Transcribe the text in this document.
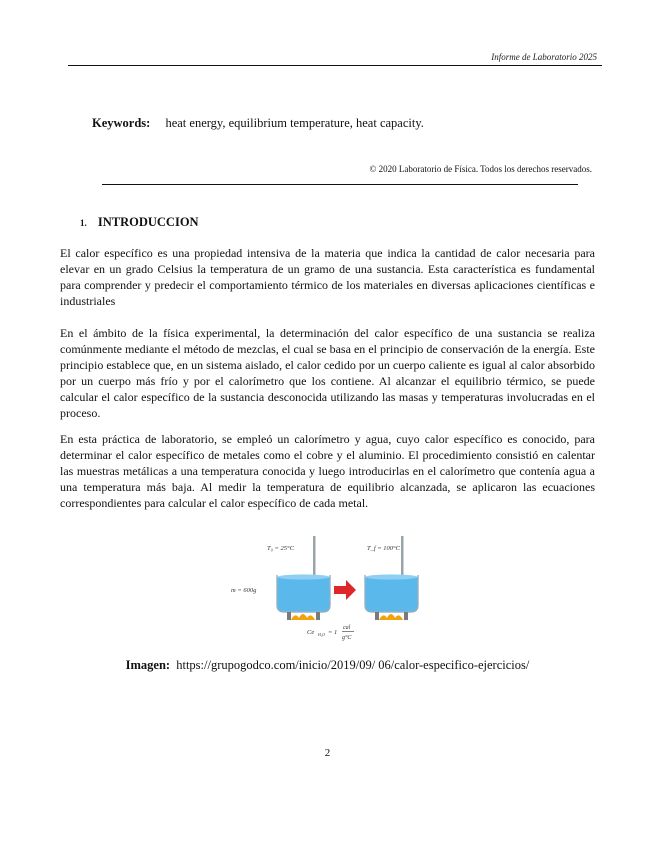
Informe de Laboratorio 2025
Keywords: heat energy, equilibrium temperature, heat capacity.
© 2020 Laboratorio de Física. Todos los derechos reservados.
1. INTRODUCCION

El calor específico es una propiedad intensiva de la materia que indica la cantidad de calor necesaria para elevar en un grado Celsius la temperatura de un gramo de una sustancia. Esta característica es fundamental para comprender y predecir el comportamiento térmico de los materiales en diversas aplicaciones científicas e industriales

En el ámbito de la física experimental, la determinación del calor específico de una sustancia se realiza comúnmente mediante el método de mezclas, el cual se basa en el principio de conservación de la energía. Este principio establece que, en un sistema aislado, el calor cedido por un cuerpo caliente es igual al calor absorbido por un cuerpo más frío y por el calorímetro que los contiene. Al alcanzar el equilibrio térmico, se puede calcular el calor específico de la sustancia desconocida utilizando las masas y temperaturas involucradas en el proceso.

En esta práctica de laboratorio, se empleó un calorímetro y agua, cuyo calor específico es conocido, para determinar el calor específico de metales como el cobre y el aluminio. El procedimiento consistió en calentar las muestras metálicas a una temperatura conocida y luego introducirlas en el calorímetro que contenía agua a una temperatura más baja. Al medir la temperatura de equilibrio alcanzada, se aplicaron las ecuaciones correspondientes para calcular el calor específico de cada metal.

T₀ = 25°C
m = 600g
T_f = 100°C
Ce H₂O = 1
cal
g°C
Imagen: https://grupogodco.com/inicio/2019/09/ 06/calor-especifico-ejercicios/
2
